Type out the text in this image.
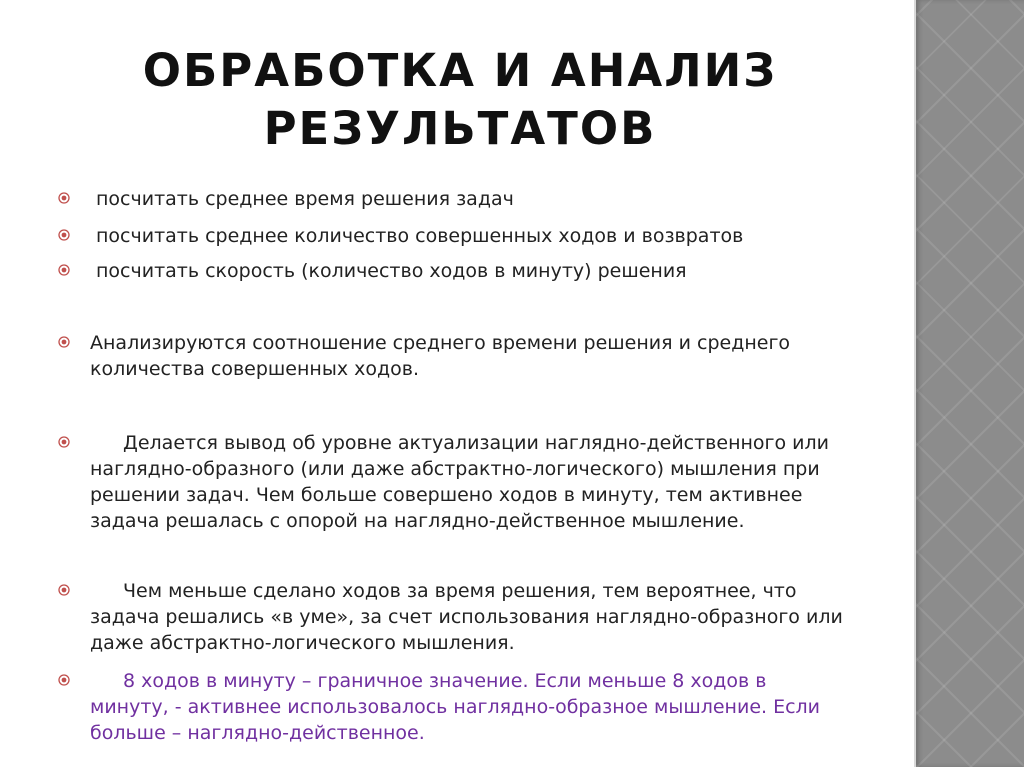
ОБРАБОТКА И АНАЛИЗ РЕЗУЛЬТАТОВ
посчитать среднее время решения задач
посчитать среднее количество совершенных ходов и возвратов
посчитать скорость (количество ходов в минуту) решения
Анализируются соотношение среднего времени решения и среднего количества совершенных ходов.
Делается вывод об уровне актуализации наглядно-действенного или наглядно-образного (или даже абстрактно-логического) мышления при решении задач. Чем больше совершено ходов в минуту, тем активнее задача решалась с опорой на наглядно-действенное мышление.
Чем меньше сделано ходов за время решения, тем вероятнее, что задача решались «в уме», за счет использования наглядно-образного или даже абстрактно-логического мышления.
8 ходов в минуту – граничное значение. Если меньше 8 ходов в минуту, - активнее использовалось наглядно-образное мышление. Если больше – наглядно-действенное.
